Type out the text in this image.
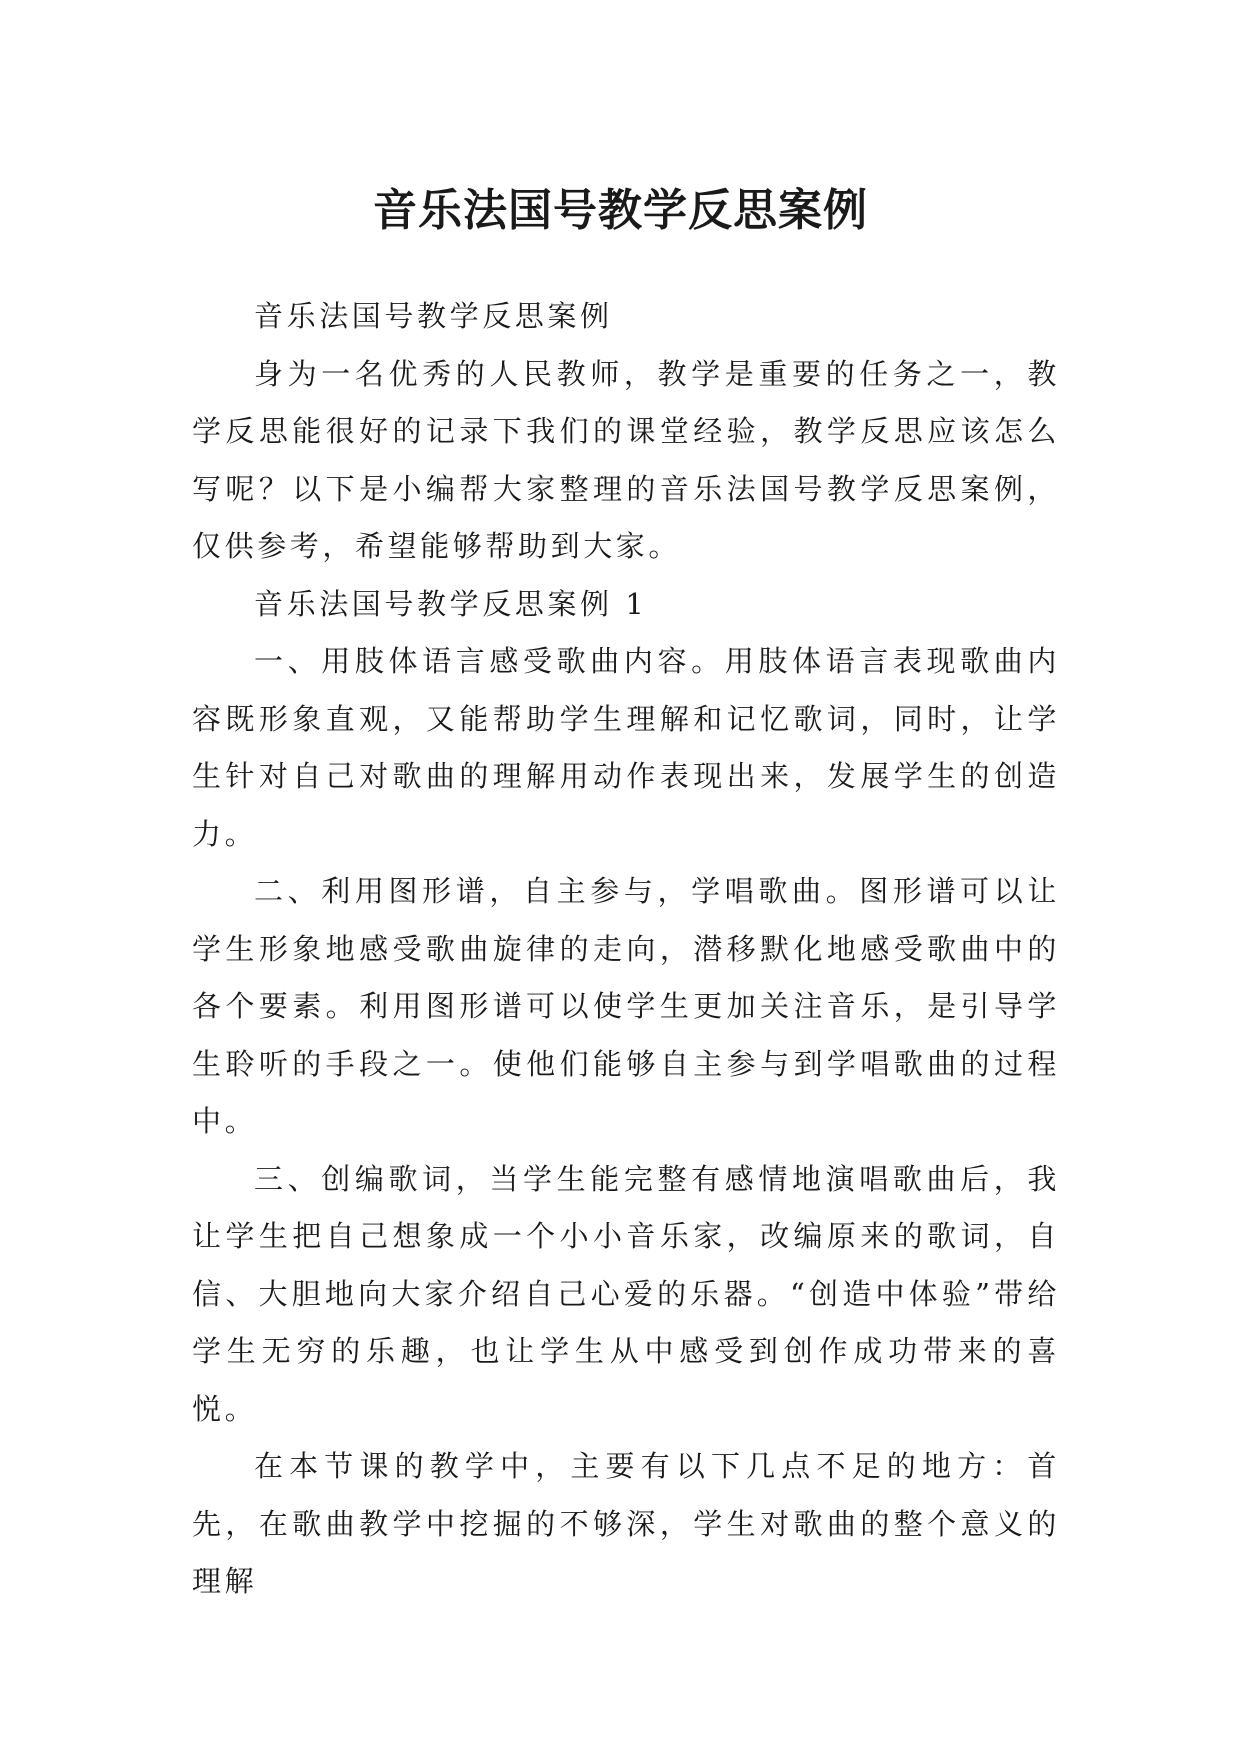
音乐法国号教学反思案例

音乐法国号教学反思案例

身为一名优秀的人民教师，教学是重要的任务之一，教学反思能很好的记录下我们的课堂经验，教学反思应该怎么写呢？以下是小编帮大家整理的音乐法国号教学反思案例，仅供参考，希望能够帮助到大家。

音乐法国号教学反思案例 1

一、用肢体语言感受歌曲内容。用肢体语言表现歌曲内容既形象直观，又能帮助学生理解和记忆歌词，同时，让学生针对自己对歌曲的理解用动作表现出来，发展学生的创造力。

二、利用图形谱，自主参与，学唱歌曲。图形谱可以让学生形象地感受歌曲旋律的走向，潜移默化地感受歌曲中的各个要素。利用图形谱可以使学生更加关注音乐，是引导学生聆听的手段之一。使他们能够自主参与到学唱歌曲的过程中。

三、创编歌词，当学生能完整有感情地演唱歌曲后，我让学生把自己想象成一个小小音乐家，改编原来的歌词，自信、大胆地向大家介绍自己心爱的乐器。“创造中体验”带给学生无穷的乐趣，也让学生从中感受到创作成功带来的喜悦。

在本节课的教学中，主要有以下几点不足的地方：首先，在歌曲教学中挖掘的不够深，学生对歌曲的整个意义的理解
